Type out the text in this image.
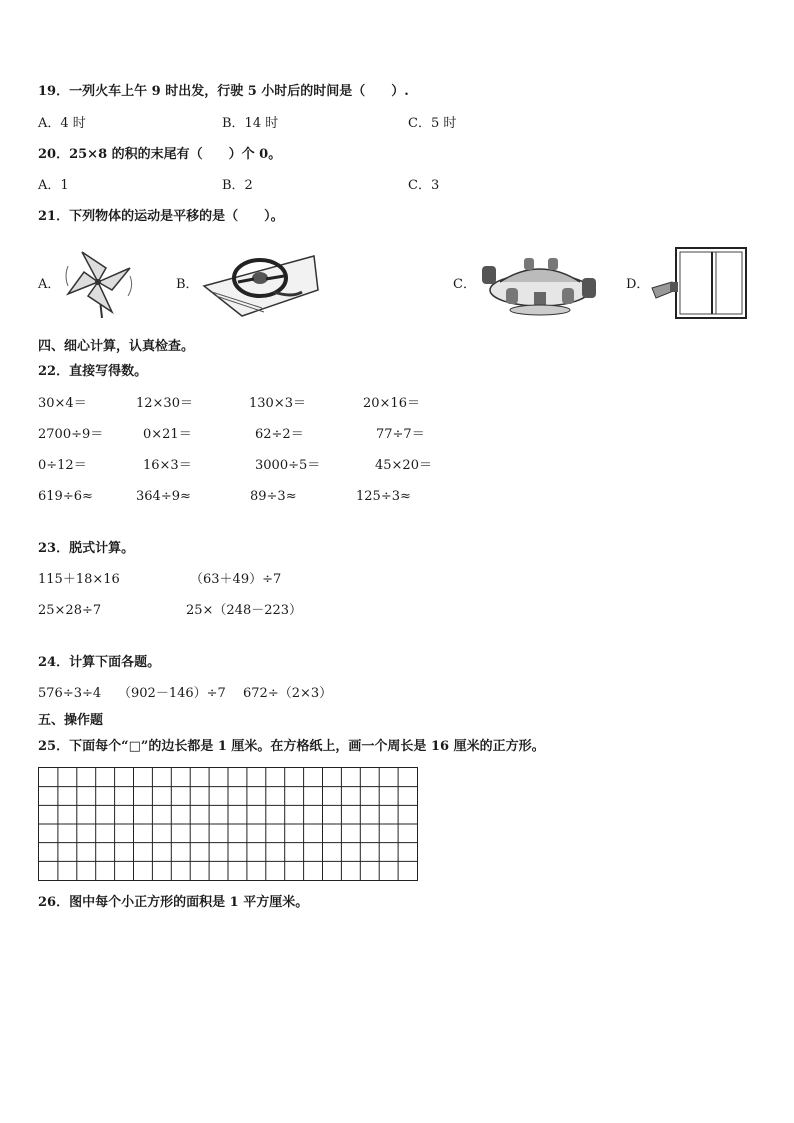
19．一列火车上午 9 时出发，行驶 5 小时后的时间是（　　）.
A．4 时	B．14 时	C．5 时
20．25×8 的积的末尾有（　　）个 0。
A．1	B．2	C．3
21．下列物体的运动是平移的是（　　）。
A．	B．	C．	D．
四、细心计算，认真检查。
22．直接写得数。
30×4＝	12×30＝	130×3＝	20×16＝
2700÷9＝	0×21＝	62÷2＝	77÷7＝
0÷12＝	16×3＝	3000÷5＝	45×20＝
619÷6≈	364÷9≈	89÷3≈	125÷3≈
23．脱式计算。
115＋18×16	（63＋49）÷7
25×28÷7	25×（248－223）
24．计算下面各题。
576÷3÷4 （902－146）÷7 672÷（2×3）
五、操作题
25．下面每个“□”的边长都是 1 厘米。在方格纸上，画一个周长是 16 厘米的正方形。
26．图中每个小正方形的面积是 1 平方厘米。
